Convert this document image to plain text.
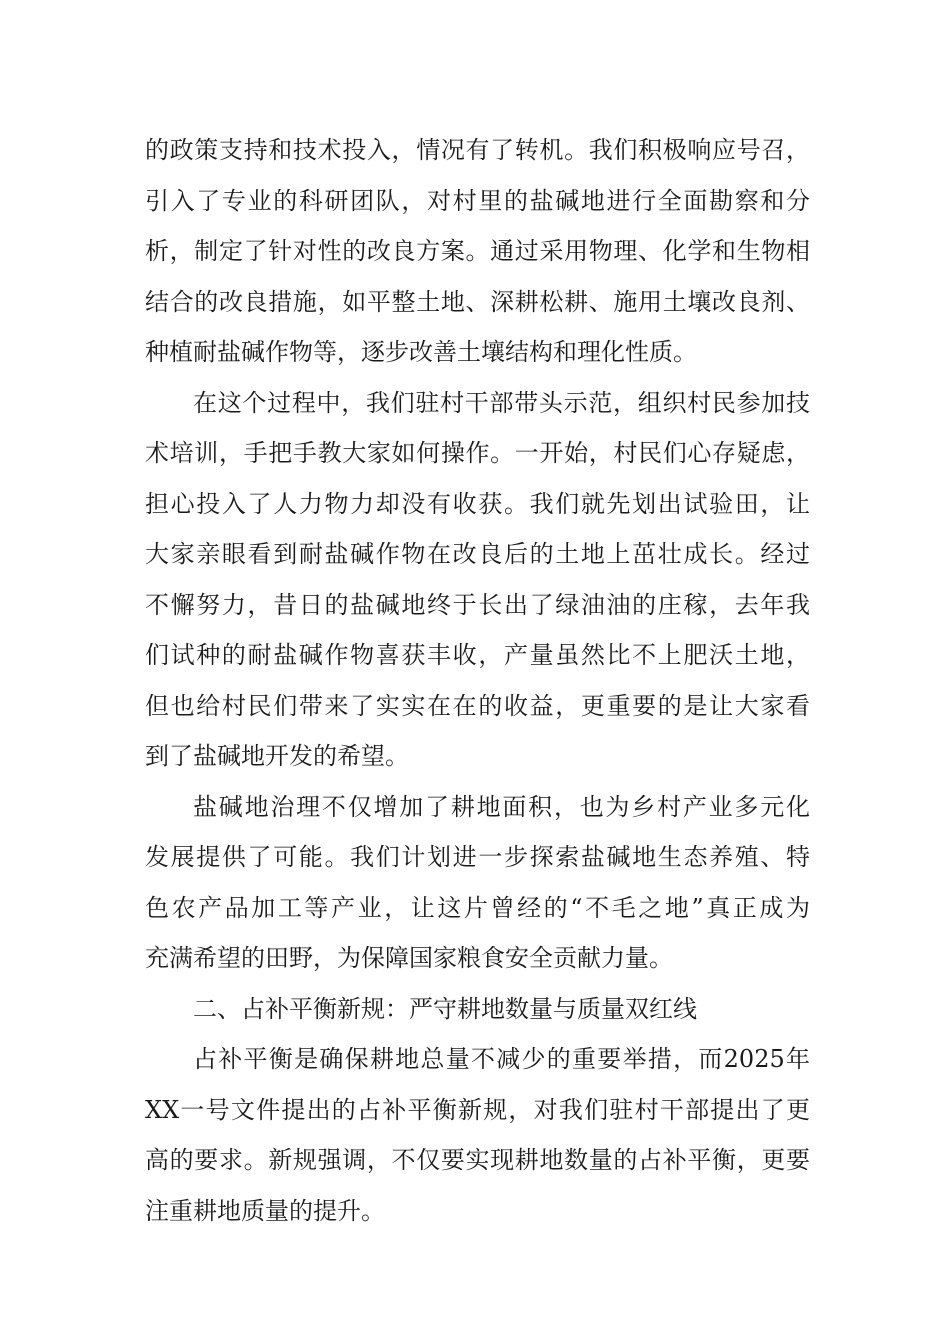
的政策支持和技术投入，情况有了转机。我们积极响应号召，
引入了专业的科研团队，对村里的盐碱地进行全面勘察和分
析，制定了针对性的改良方案。通过采用物理、化学和生物相
结合的改良措施，如平整土地、深耕松耕、施用土壤改良剂、
种植耐盐碱作物等，逐步改善土壤结构和理化性质。
在这个过程中，我们驻村干部带头示范，组织村民参加技
术培训，手把手教大家如何操作。一开始，村民们心存疑虑，
担心投入了人力物力却没有收获。我们就先划出试验田，让
大家亲眼看到耐盐碱作物在改良后的土地上茁壮成长。经过
不懈努力，昔日的盐碱地终于长出了绿油油的庄稼，去年我
们试种的耐盐碱作物喜获丰收，产量虽然比不上肥沃土地，
但也给村民们带来了实实在在的收益，更重要的是让大家看
到了盐碱地开发的希望。
盐碱地治理不仅增加了耕地面积，也为乡村产业多元化
发展提供了可能。我们计划进一步探索盐碱地生态养殖、特
色农产品加工等产业，让这片曾经的“不毛之地”真正成为
充满希望的田野，为保障国家粮食安全贡献力量。
二、占补平衡新规：严守耕地数量与质量双红线
占补平衡是确保耕地总量不减少的重要举措，而2025年
XX一号文件提出的占补平衡新规，对我们驻村干部提出了更
高的要求。新规强调，不仅要实现耕地数量的占补平衡，更要
注重耕地质量的提升。
